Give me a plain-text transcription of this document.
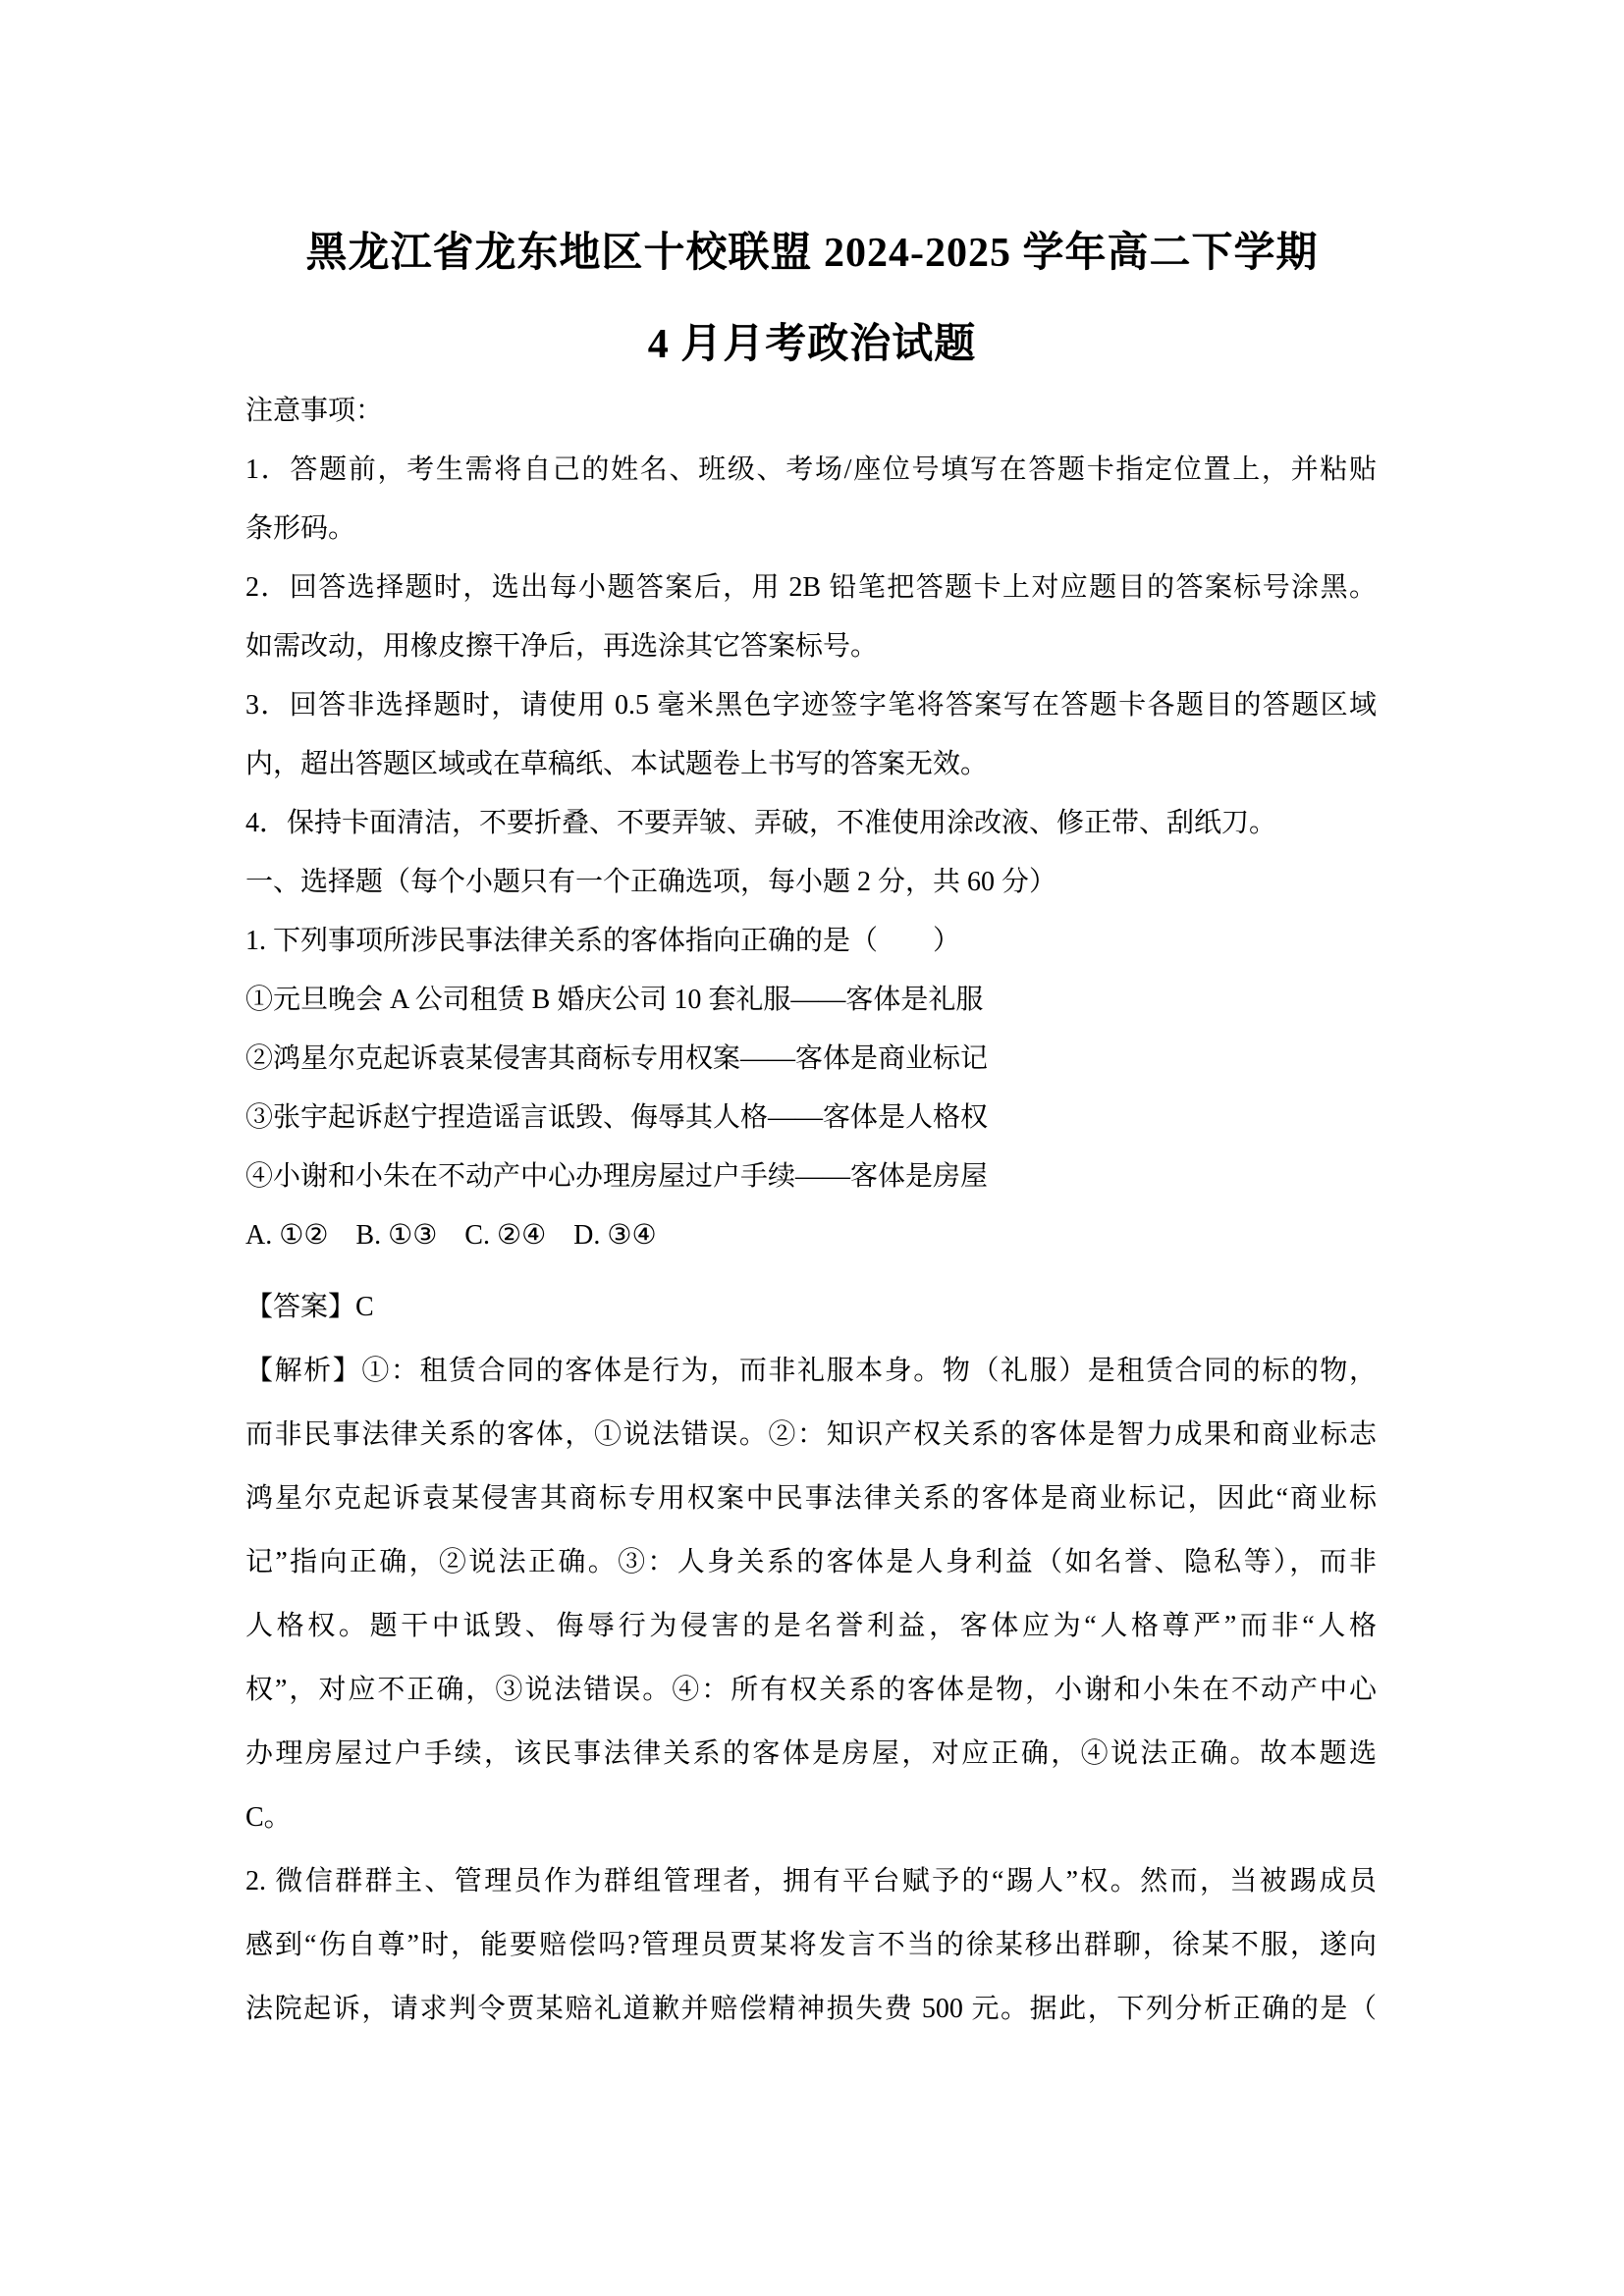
黑龙江省龙东地区十校联盟 2024-2025 学年高二下学期
4 月月考政治试题
注意事项：
1．答题前，考生需将自己的姓名、班级、考场/座位号填写在答题卡指定位置上，并粘贴
条形码。
2．回答选择题时，选出每小题答案后，用 2B 铅笔把答题卡上对应题目的答案标号涂黑。
如需改动，用橡皮擦干净后，再选涂其它答案标号。
3．回答非选择题时，请使用 0.5 毫米黑色字迹签字笔将答案写在答题卡各题目的答题区域
内，超出答题区域或在草稿纸、本试题卷上书写的答案无效。
4．保持卡面清洁，不要折叠、不要弄皱、弄破，不准使用涂改液、修正带、刮纸刀。
一、选择题（每个小题只有一个正确选项，每小题 2 分，共 60 分）
1. 下列事项所涉民事法律关系的客体指向正确的是（　　）
①元旦晚会 A 公司租赁 B 婚庆公司 10 套礼服——客体是礼服
②鸿星尔克起诉袁某侵害其商标专用权案——客体是商业标记
③张宇起诉赵宁捏造谣言诋毁、侮辱其人格——客体是人格权
④小谢和小朱在不动产中心办理房屋过户手续——客体是房屋
A. ①②　B. ①③　C. ②④　D. ③④
【答案】C
【解析】①：租赁合同的客体是行为，而非礼服本身。物（礼服）是租赁合同的标的物，
而非民事法律关系的客体，①说法错误。②：知识产权关系的客体是智力成果和商业标志
鸿星尔克起诉袁某侵害其商标专用权案中民事法律关系的客体是商业标记，因此“商业标
记”指向正确，②说法正确。③：人身关系的客体是人身利益（如名誉、隐私等），而非
人格权。题干中诋毁、侮辱行为侵害的是名誉利益，客体应为“人格尊严”而非“人格
权”，对应不正确，③说法错误。④：所有权关系的客体是物，小谢和小朱在不动产中心
办理房屋过户手续，该民事法律关系的客体是房屋，对应正确，④说法正确。故本题选
C。
2. 微信群群主、管理员作为群组管理者，拥有平台赋予的“踢人”权。然而，当被踢成员
感到“伤自尊”时，能要赔偿吗?管理员贾某将发言不当的徐某移出群聊，徐某不服，遂向
法院起诉，请求判令贾某赔礼道歉并赔偿精神损失费 500 元。据此，下列分析正确的是（
